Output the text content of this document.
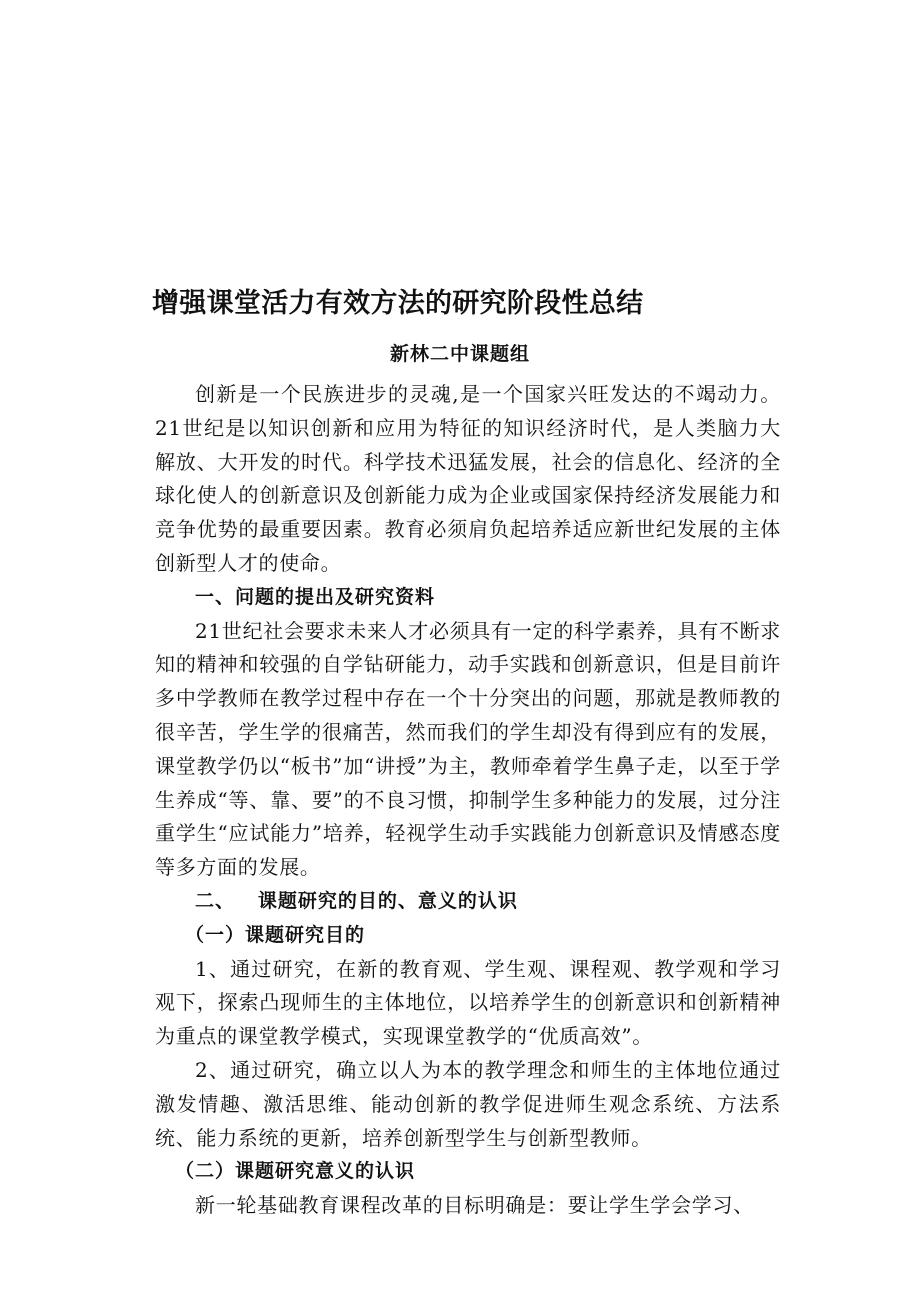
增强课堂活力有效方法的研究阶段性总结
新林二中课题组

创新是一个民族进步的灵魂,是一个国家兴旺发达的不竭动力。21世纪是以知识创新和应用为特征的知识经济时代，是人类脑力大解放、大开发的时代。科学技术迅猛发展，社会的信息化、经济的全球化使人的创新意识及创新能力成为企业或国家保持经济发展能力和竞争优势的最重要因素。教育必须肩负起培养适应新世纪发展的主体创新型人才的使命。

一、问题的提出及研究资料

21世纪社会要求未来人才必须具有一定的科学素养，具有不断求知的精神和较强的自学钻研能力，动手实践和创新意识，但是目前许多中学教师在教学过程中存在一个十分突出的问题，那就是教师教的很辛苦，学生学的很痛苦，然而我们的学生却没有得到应有的发展，课堂教学仍以“板书”加“讲授”为主，教师牵着学生鼻子走，以至于学生养成“等、靠、要”的不良习惯，抑制学生多种能力的发展，过分注重学生“应试能力”培养，轻视学生动手实践能力创新意识及情感态度等多方面的发展。

二、   课题研究的目的、意义的认识

（一）课题研究目的

1、通过研究，在新的教育观、学生观、课程观、教学观和学习观下，探索凸现师生的主体地位，以培养学生的创新意识和创新精神为重点的课堂教学模式，实现课堂教学的“优质高效”。

2、通过研究，确立以人为本的教学理念和师生的主体地位通过激发情趣、激活思维、能动创新的教学促进师生观念系统、方法系统、能力系统的更新，培养创新型学生与创新型教师。

（二）课题研究意义的认识

新一轮基础教育课程改革的目标明确是：要让学生学会学习、
